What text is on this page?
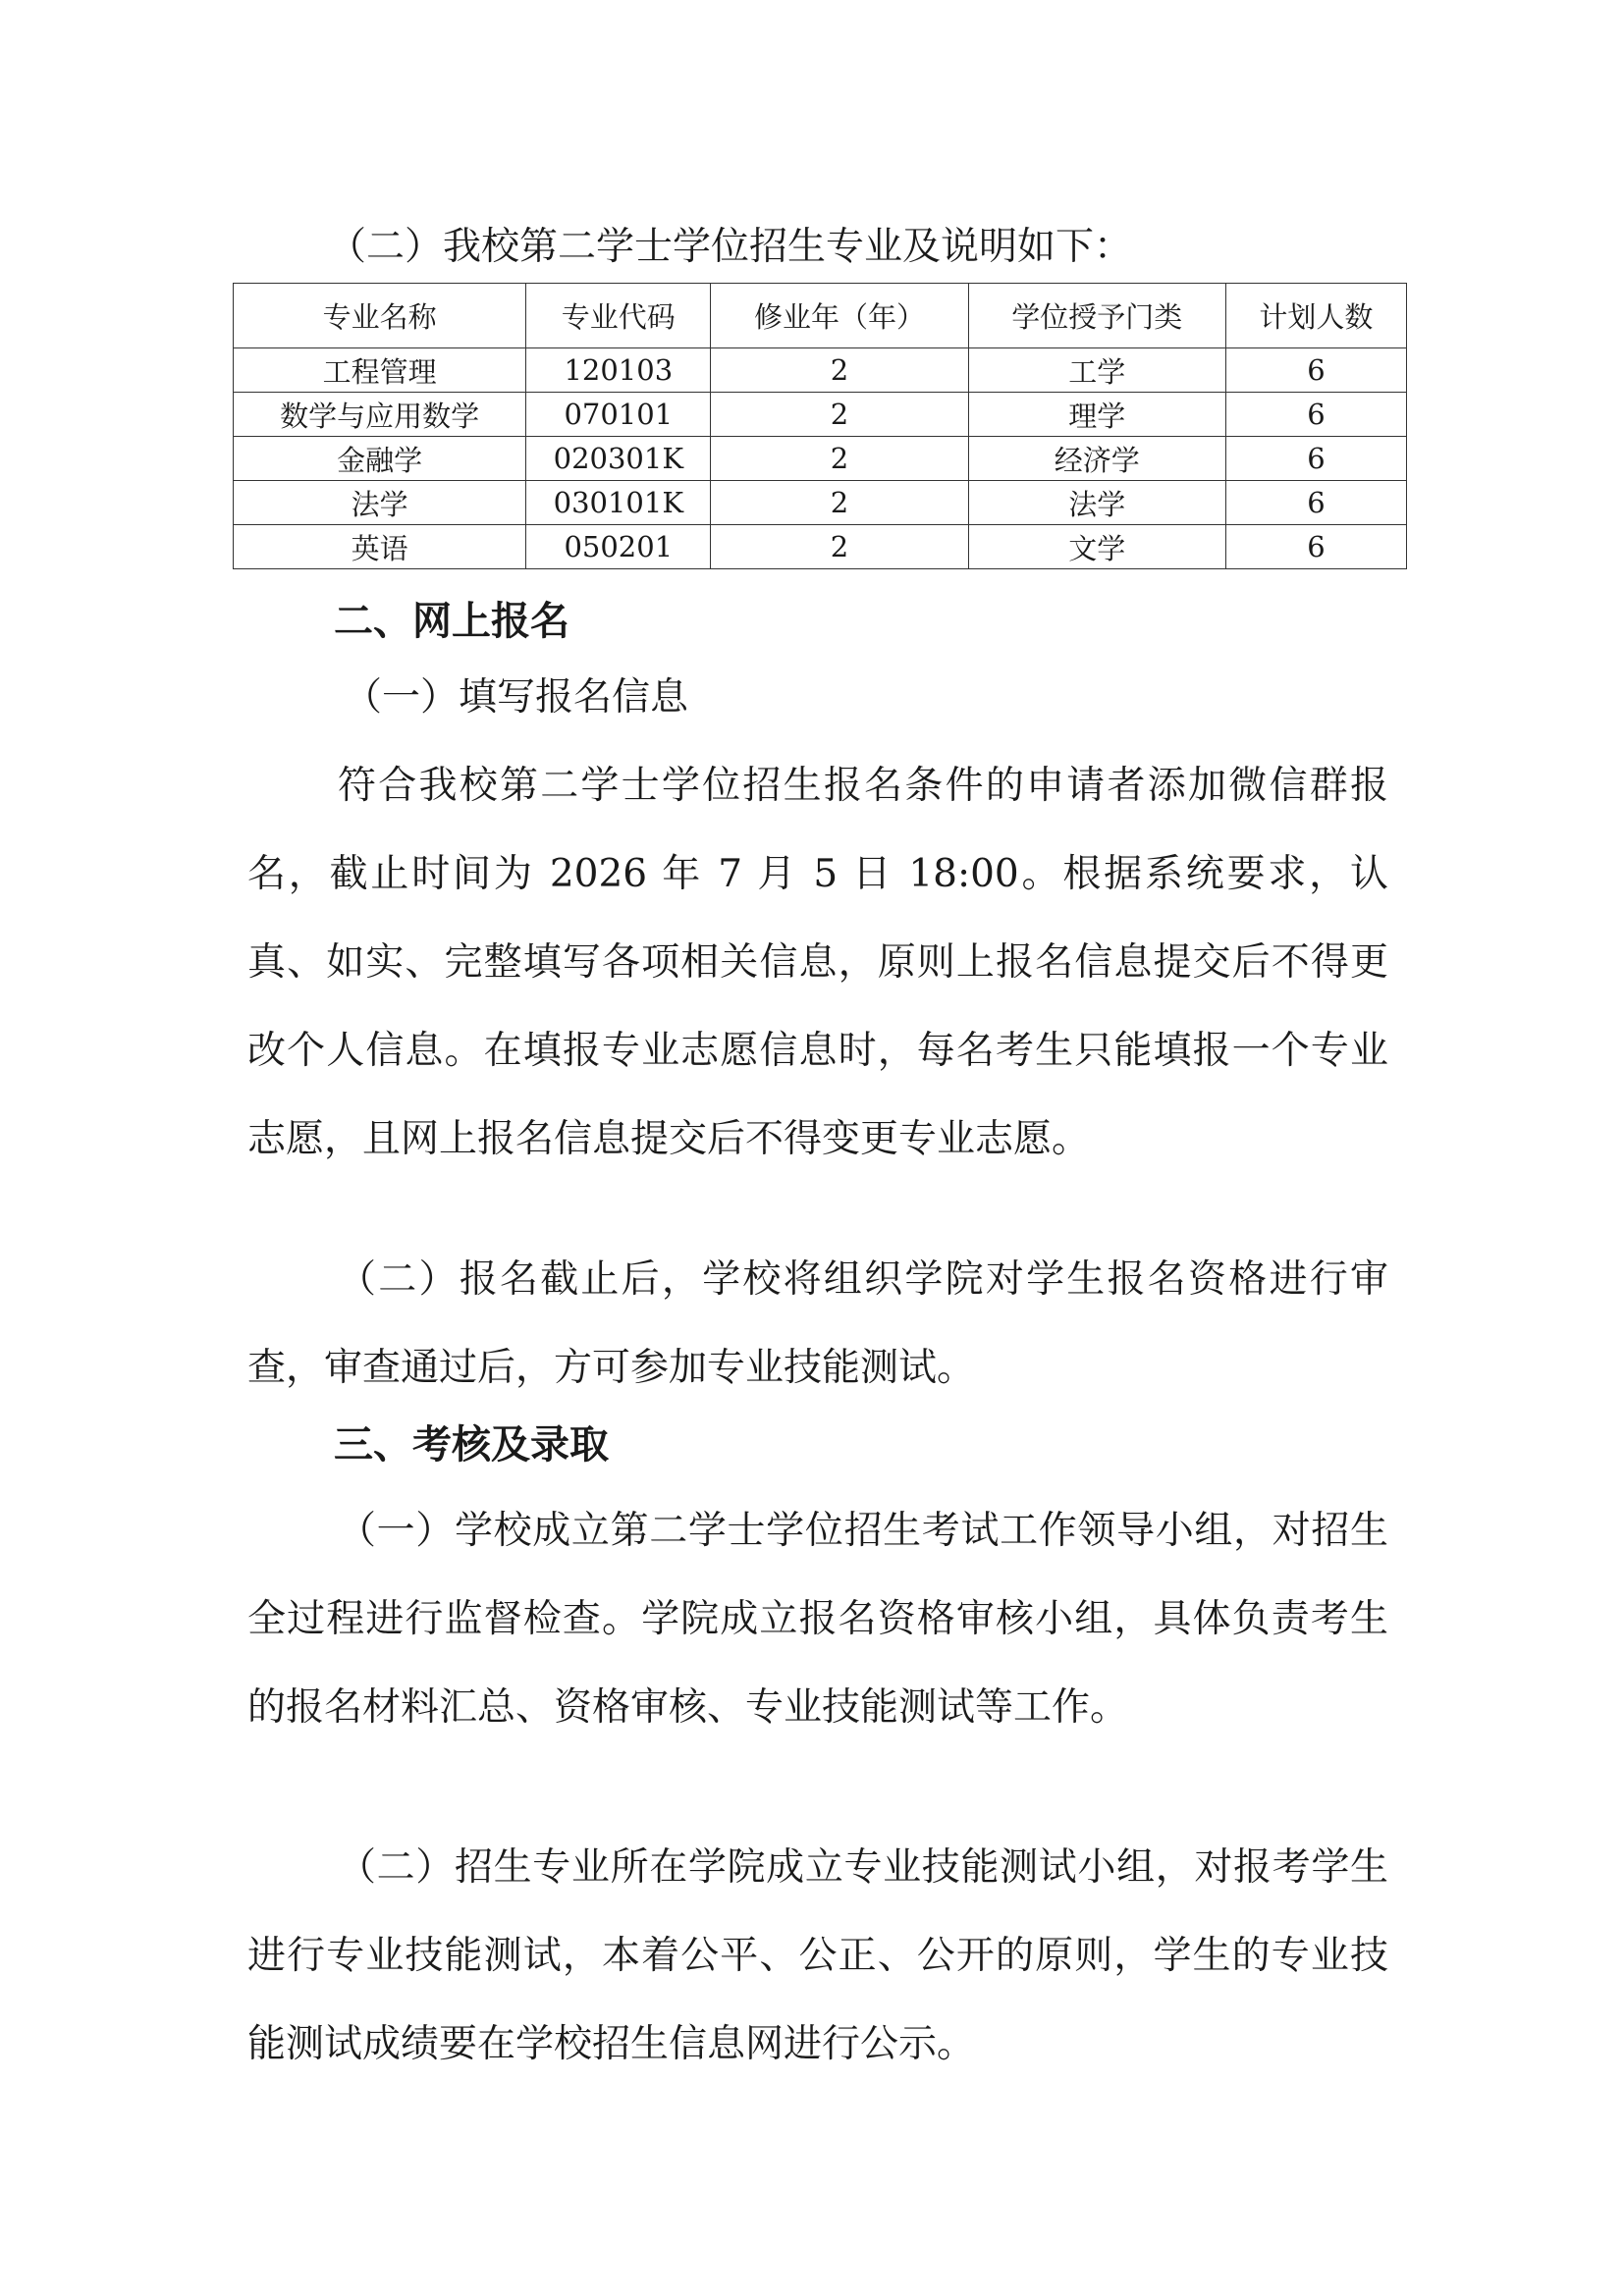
（二）我校第二学士学位招生专业及说明如下：
专业名称	专业代码	修业年（年）	学位授予门类	计划人数
工程管理	120103	2	工学	6
数学与应用数学	070101	2	理学	6
金融学	020301K	2	经济学	6
法学	030101K	2	法学	6
英语	050201	2	文学	6
二、网上报名
（一）填写报名信息

符合我校第二学士学位招生报名条件的申请者添加微信群报名，截止时间为 2026 年 7 月 5 日 18:00。根据系统要求，认真、如实、完整填写各项相关信息，原则上报名信息提交后不得更改个人信息。在填报专业志愿信息时，每名考生只能填报一个专业志愿，且网上报名信息提交后不得变更专业志愿。

（二）报名截止后，学校将组织学院对学生报名资格进行审查，审查通过后，方可参加专业技能测试。

三、考核及录取

（一）学校成立第二学士学位招生考试工作领导小组，对招生全过程进行监督检查。学院成立报名资格审核小组，具体负责考生的报名材料汇总、资格审核、专业技能测试等工作。

（二）招生专业所在学院成立专业技能测试小组，对报考学生进行专业技能测试，本着公平、公正、公开的原则，学生的专业技能测试成绩要在学校招生信息网进行公示。
